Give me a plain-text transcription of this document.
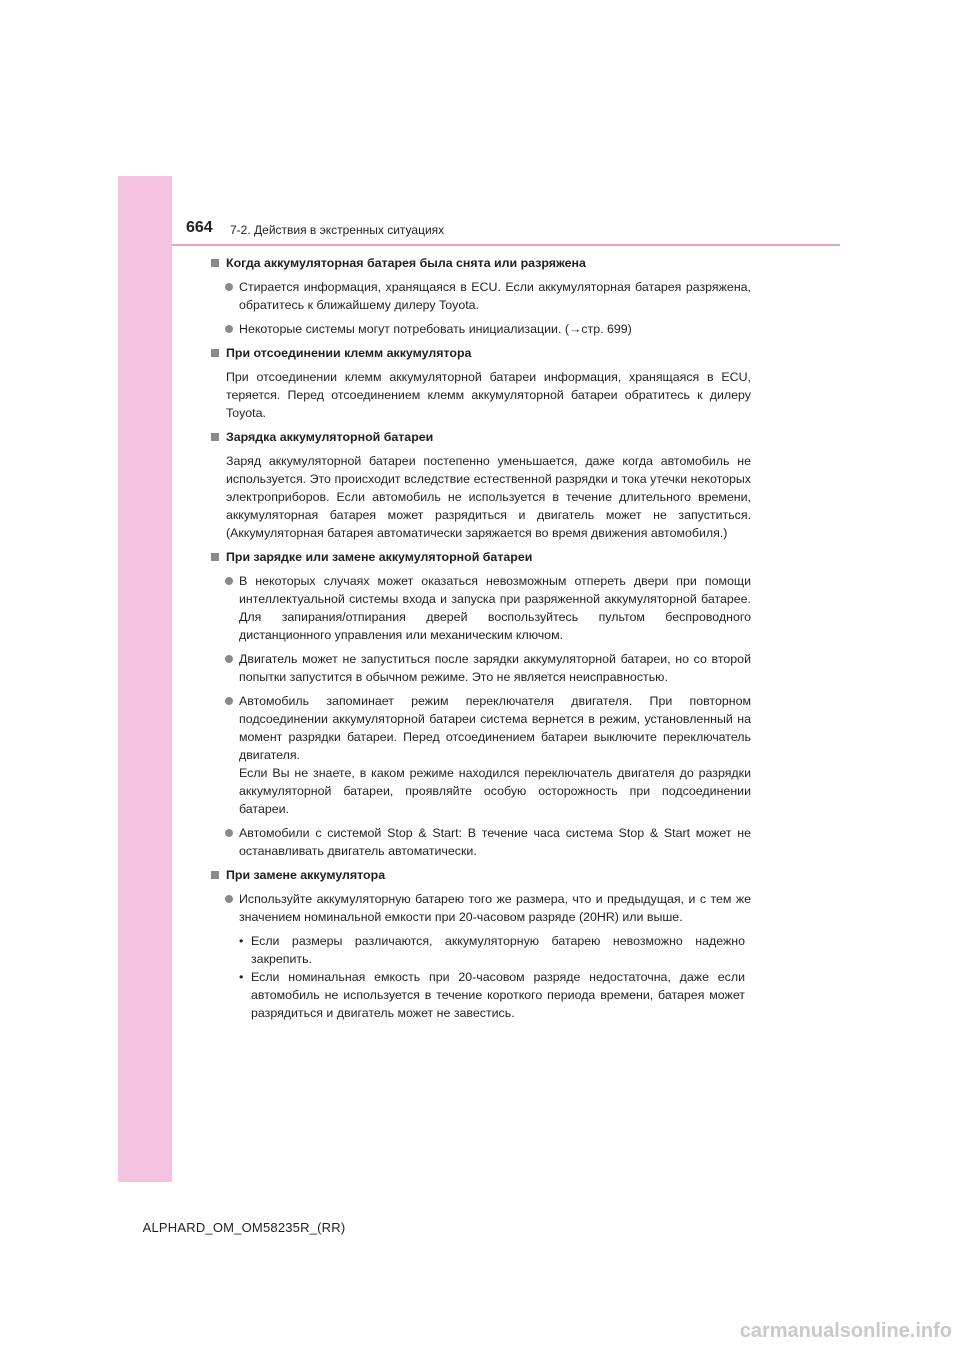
664 7-2. Действия в экстренных ситуациях
Когда аккумуляторная батарея была снята или разряжена
Стирается информация, хранящаяся в ECU. Если аккумуляторная батарея разряжена, обратитесь к ближайшему дилеру Toyota.
Некоторые системы могут потребовать инициализации. (→стр. 699)
При отсоединении клемм аккумулятора
При отсоединении клемм аккумуляторной батареи информация, хранящаяся в ECU, теряется. Перед отсоединением клемм аккумуляторной батареи обратитесь к дилеру Toyota.
Зарядка аккумуляторной батареи
Заряд аккумуляторной батареи постепенно уменьшается, даже когда автомобиль не используется. Это происходит вследствие естественной разрядки и тока утечки некоторых электроприборов. Если автомобиль не используется в течение длительного времени, аккумуляторная батарея может разрядиться и двигатель может не запуститься. (Аккумуляторная батарея автоматически заряжается во время движения автомобиля.)
При зарядке или замене аккумуляторной батареи
В некоторых случаях может оказаться невозможным отпереть двери при помощи интеллектуальной системы входа и запуска при разряженной аккумуляторной батарее. Для запирания/отпирания дверей воспользуйтесь пультом беспроводного дистанционного управления или механическим ключом.
Двигатель может не запуститься после зарядки аккумуляторной батареи, но со второй попытки запустится в обычном режиме. Это не является неисправностью.
Автомобиль запоминает режим переключателя двигателя. При повторном подсоединении аккумуляторной батареи система вернется в режим, установленный на момент разрядки батареи. Перед отсоединением батареи выключите переключатель двигателя.
Если Вы не знаете, в каком режиме находился переключатель двигателя до разрядки аккумуляторной батареи, проявляйте особую осторожность при подсоединении батареи.
Автомобили с системой Stop & Start: В течение часа система Stop & Start может не останавливать двигатель автоматически.
При замене аккумулятора
Используйте аккумуляторную батарею того же размера, что и предыдущая, и с тем же значением номинальной емкости при 20-часовом разряде (20HR) или выше.
• Если размеры различаются, аккумуляторную батарею невозможно надежно закрепить.
• Если номинальная емкость при 20-часовом разряде недостаточна, даже если автомобиль не используется в течение короткого периода времени, батарея может разрядиться и двигатель может не завестись.
ALPHARD_OM_OM58235R_(RR)
carmanualsonline.info
